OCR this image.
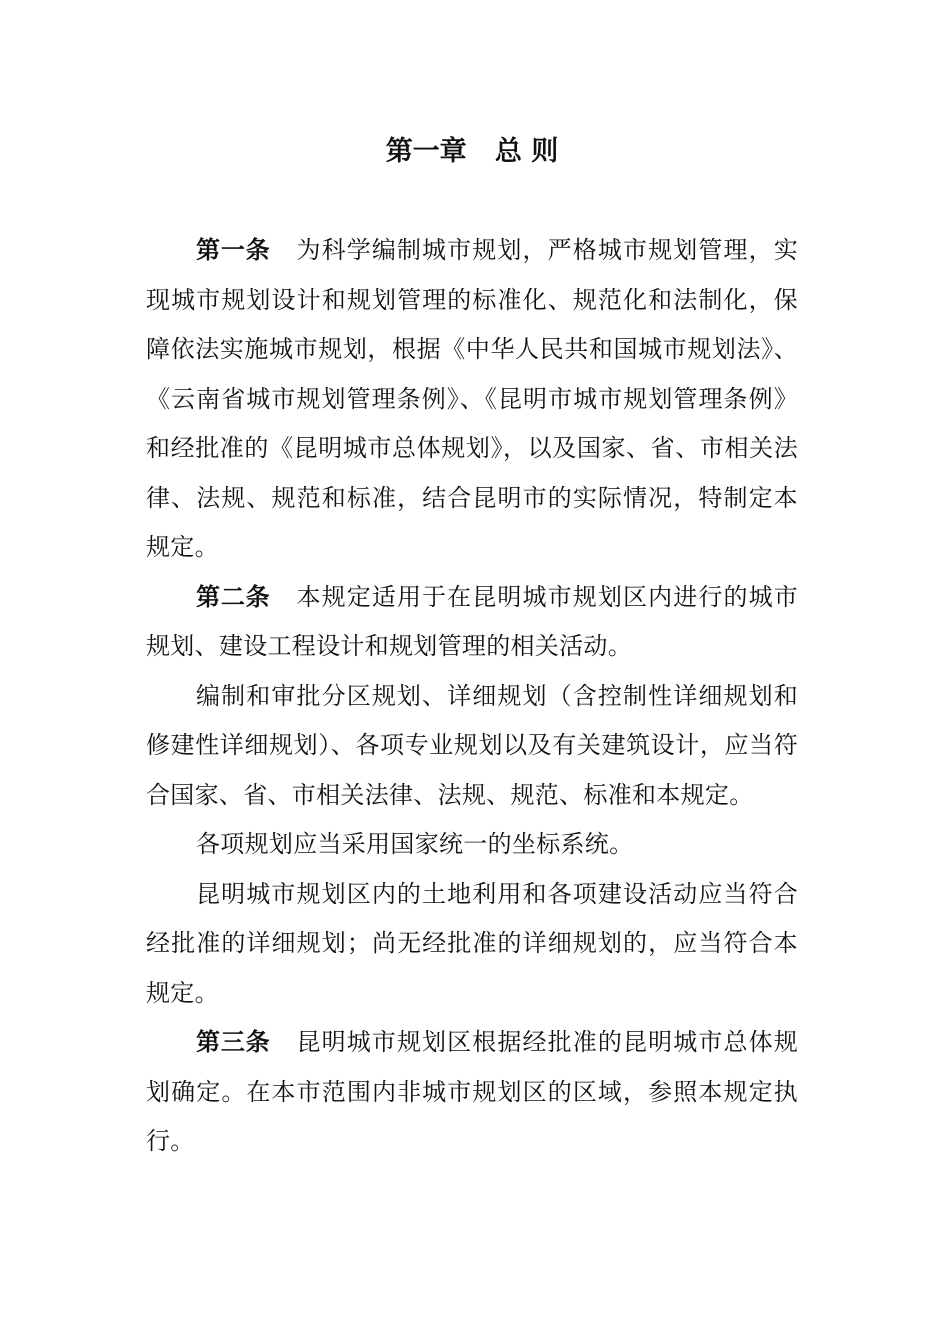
第一章   总 则

第一条 为科学编制城市规划，严格城市规划管理，实现城市规划设计和规划管理的标准化、规范化和法制化，保障依法实施城市规划，根据《中华人民共和国城市规划法》、《云南省城市规划管理条例》、《昆明市城市规划管理条例》和经批准的《昆明城市总体规划》，以及国家、省、市相关法律、法规、规范和标准，结合昆明市的实际情况，特制定本规定。

第二条 本规定适用于在昆明城市规划区内进行的城市规划、建设工程设计和规划管理的相关活动。

编制和审批分区规划、详细规划（含控制性详细规划和修建性详细规划）、各项专业规划以及有关建筑设计，应当符合国家、省、市相关法律、法规、规范、标准和本规定。

各项规划应当采用国家统一的坐标系统。

昆明城市规划区内的土地利用和各项建设活动应当符合经批准的详细规划；尚无经批准的详细规划的，应当符合本规定。

第三条 昆明城市规划区根据经批准的昆明城市总体规划确定。在本市范围内非城市规划区的区域，参照本规定执行。
